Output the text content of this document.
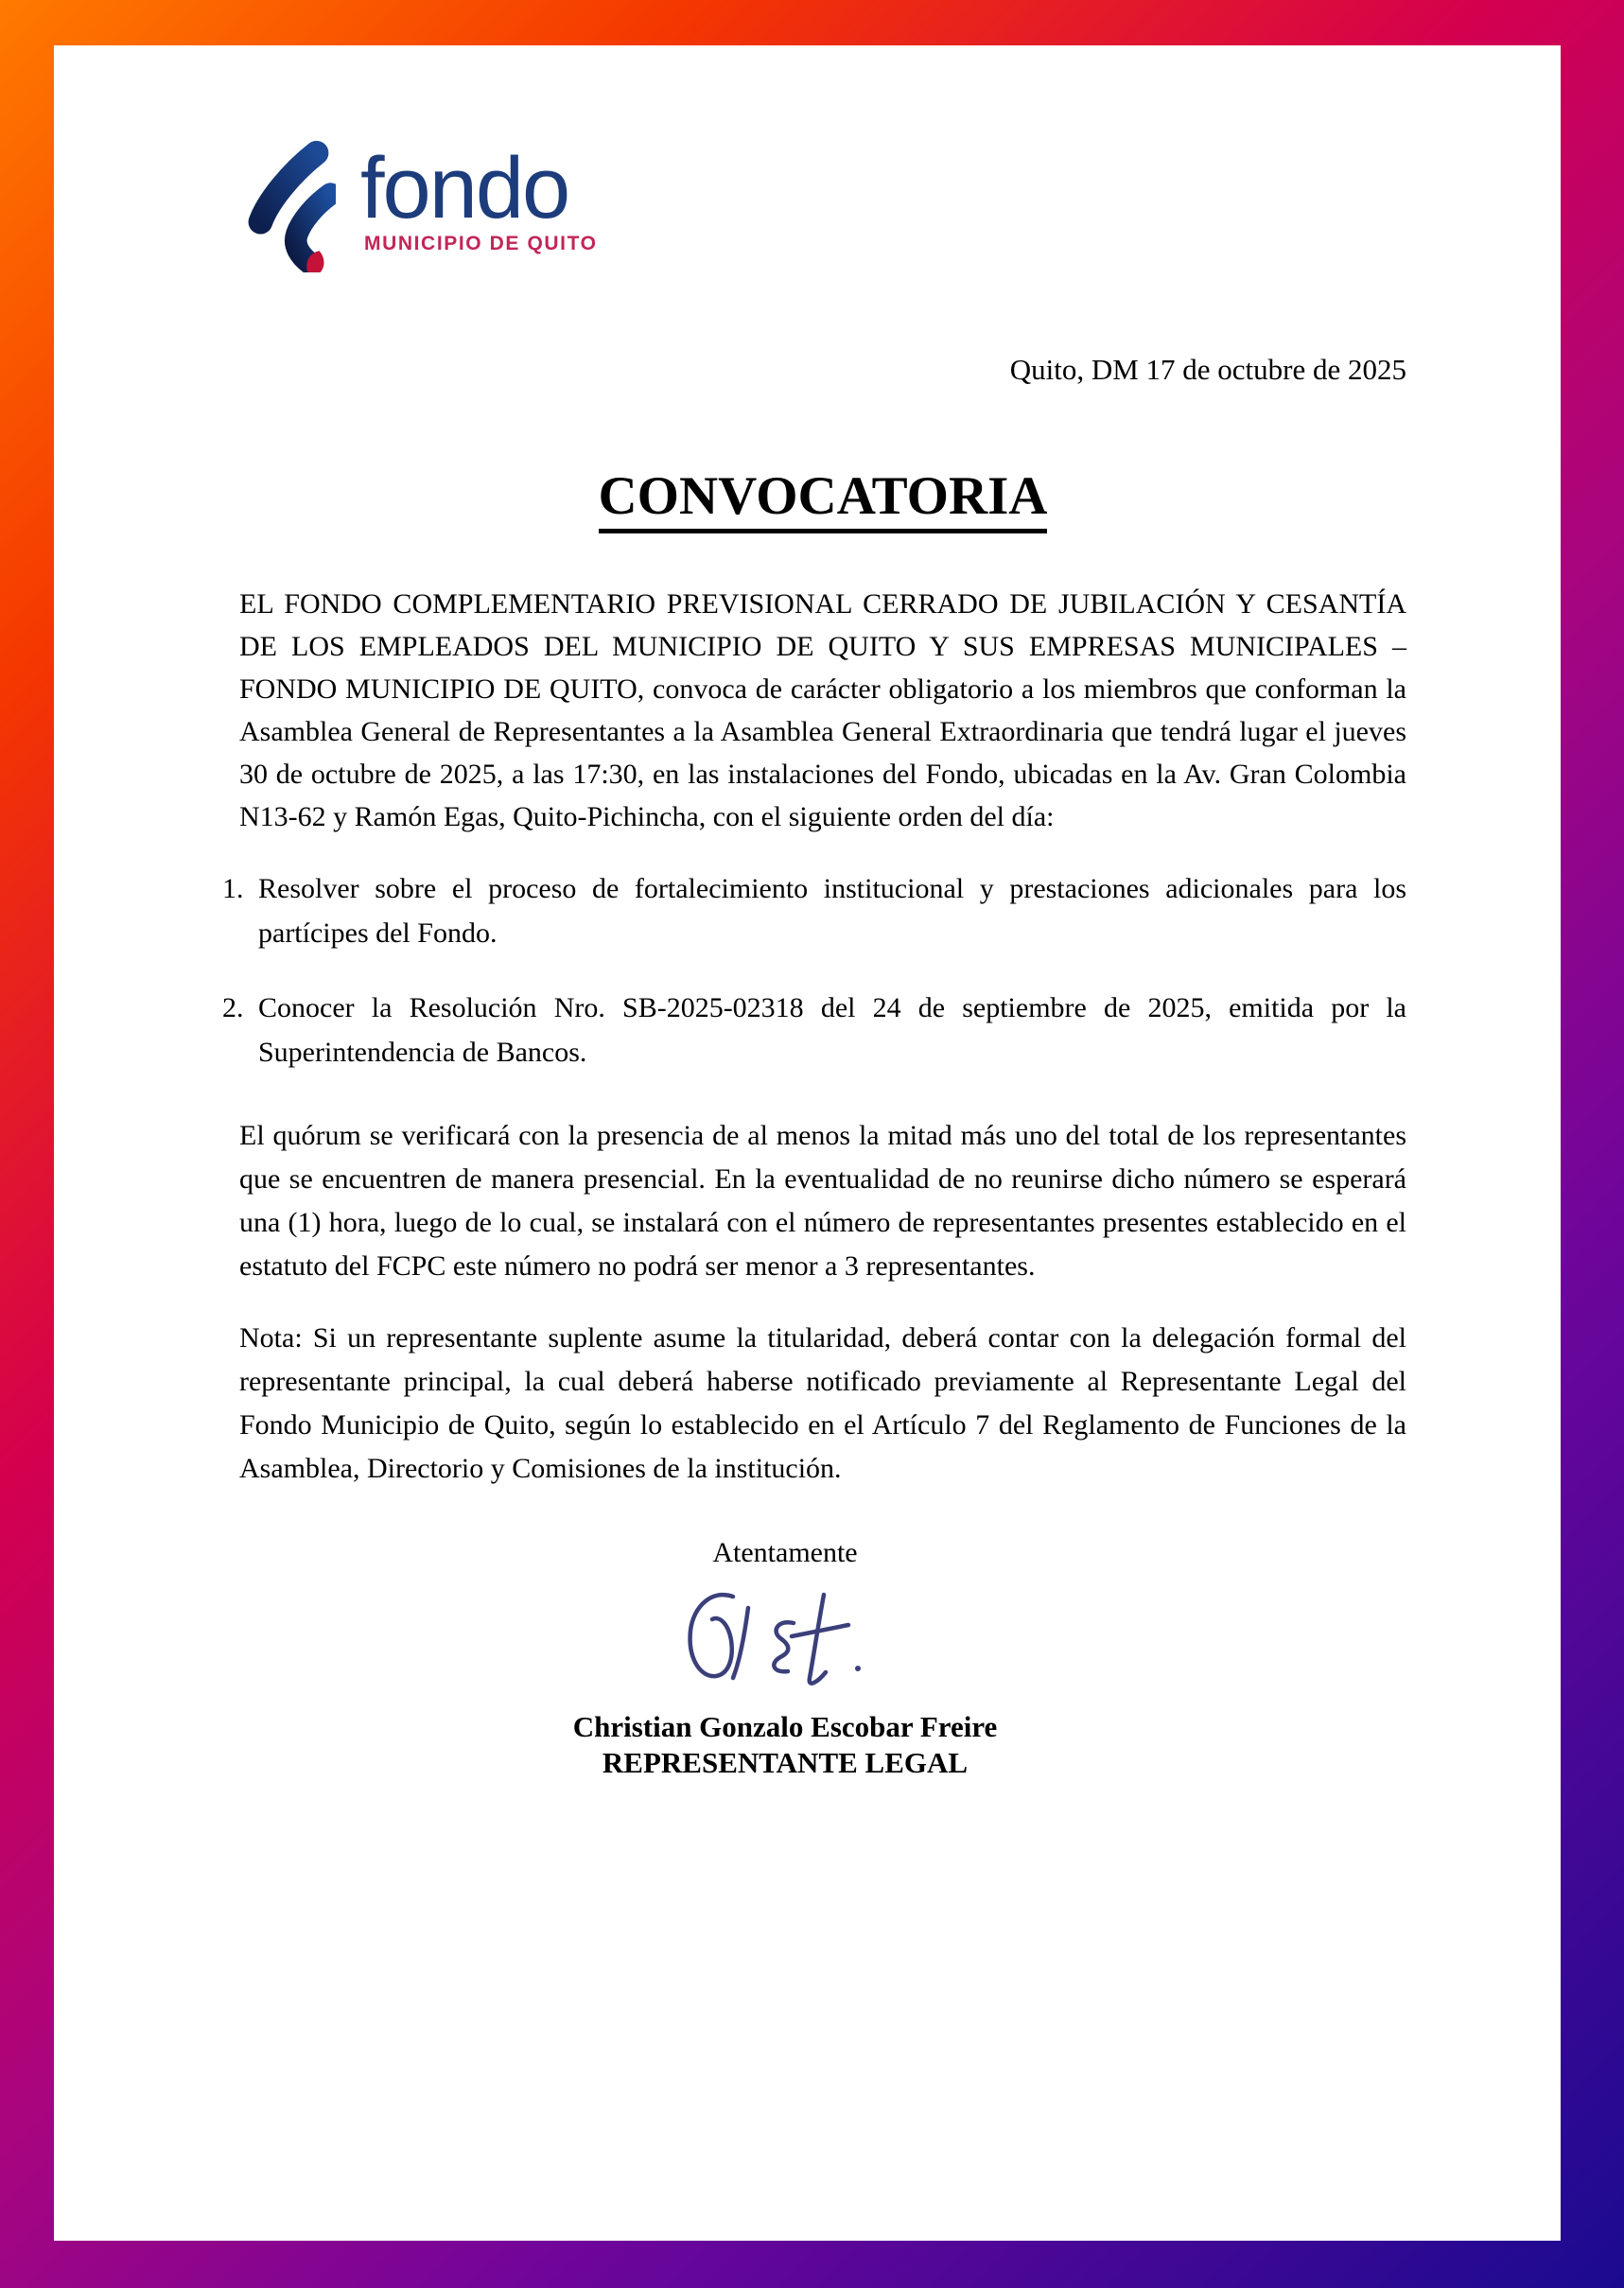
fondo
MUNICIPIO DE QUITO
Quito, DM 17 de octubre de 2025
CONVOCATORIA

EL FONDO COMPLEMENTARIO PREVISIONAL CERRADO DE JUBILACIÓN Y CESANTÍA DE LOS EMPLEADOS DEL MUNICIPIO DE QUITO Y SUS EMPRESAS MUNICIPALES – FONDO MUNICIPIO DE QUITO, convoca de carácter obligatorio a los miembros que conforman la Asamblea General de Representantes a la Asamblea General Extraordinaria que tendrá lugar el jueves 30 de octubre de 2025, a las 17:30, en las instalaciones del Fondo, ubicadas en la Av. Gran Colombia N13-62 y Ramón Egas, Quito-Pichincha, con el siguiente orden del día:

1. Resolver sobre el proceso de fortalecimiento institucional y prestaciones adicionales para los partícipes del Fondo.
2. Conocer la Resolución Nro. SB-2025-02318 del 24 de septiembre de 2025, emitida por la Superintendencia de Bancos.

El quórum se verificará con la presencia de al menos la mitad más uno del total de los representantes que se encuentren de manera presencial. En la eventualidad de no reunirse dicho número se esperará una (1) hora, luego de lo cual, se instalará con el número de representantes presentes establecido en el estatuto del FCPC este número no podrá ser menor a 3 representantes.

Nota: Si un representante suplente asume la titularidad, deberá contar con la delegación formal del representante principal, la cual deberá haberse notificado previamente al Representante Legal del Fondo Municipio de Quito, según lo establecido en el Artículo 7 del Reglamento de Funciones de la Asamblea, Directorio y Comisiones de la institución.

Atentamente
Christian Gonzalo Escobar Freire
REPRESENTANTE LEGAL
